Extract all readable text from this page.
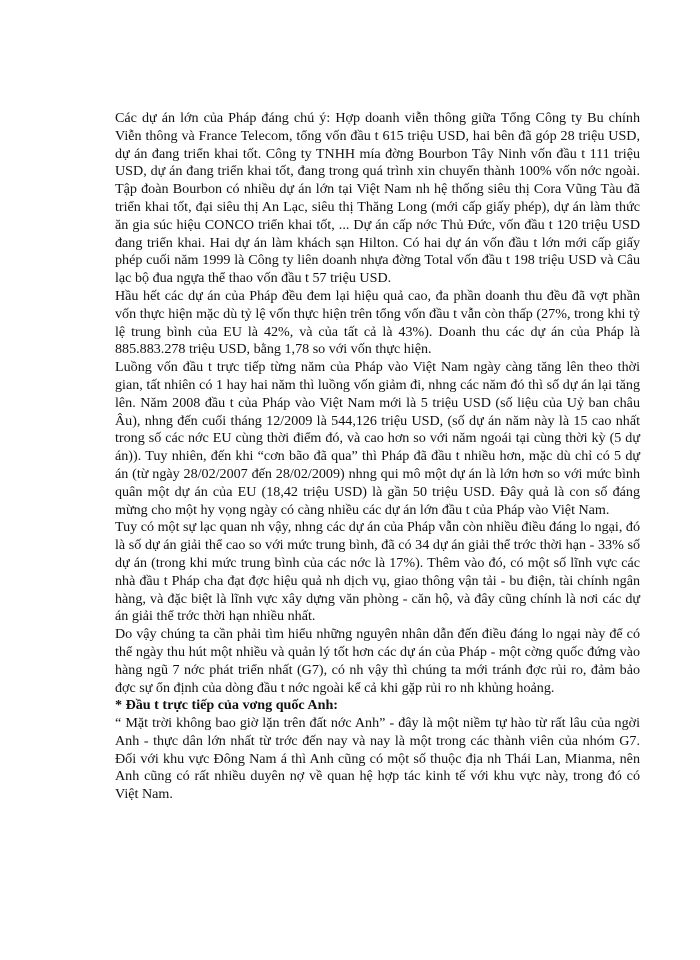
Các dự án lớn của Pháp đáng chú ý: Hợp doanh viễn thông giữa Tổng Công ty Bu chính Viễn thông và France Telecom, tổng vốn đầu t 615 triệu USD, hai bên đã góp 28 triệu USD, dự án đang triển khai tốt. Công ty TNHH mía đờng Bourbon Tây Ninh vốn đầu t 111 triệu USD, dự án đang triển khai tốt, đang trong quá trình xin chuyển thành 100% vốn nớc ngoài. Tập đoàn Bourbon có nhiều dự án lớn tại Việt Nam nh hệ thống siêu thị Cora Vũng Tàu đã triển khai tốt, đại siêu thị An Lạc, siêu thị Thăng Long (mới cấp giấy phép), dự án làm thức ăn gia súc hiệu CONCO triển khai tốt, ... Dự án cấp nớc Thủ Đức, vốn đầu t 120 triệu USD đang triển khai. Hai dự án làm khách sạn Hilton. Có hai dự án vốn đầu t lớn mới cấp giấy phép cuối năm 1999 là Công ty liên doanh nhựa đờng Total vốn đầu t 198 triệu USD và Câu lạc bộ đua ngựa thể thao vốn đầu t 57 triệu USD.

Hầu hết các dự án của Pháp đều đem lại hiệu quả cao, đa phần doanh thu đều đã vợt phần vốn thực hiện mặc dù tỷ lệ vốn thực hiện trên tổng vốn đầu t vẫn còn thấp (27%, trong khi tỷ lệ trung bình của EU là 42%, và của tất cả là 43%). Doanh thu các dự án của Pháp là 885.883.278 triệu USD, bằng 1,78 so với vốn thực hiện.

Luồng vốn đầu t trực tiếp từng năm của Pháp vào Việt Nam ngày càng tăng lên theo thời gian, tất nhiên có 1 hay hai năm thì luồng vốn giảm đi, nhng các năm đó thì số dự án lại tăng lên. Năm 2008 đầu t của Pháp vào Việt Nam mới là 5 triệu USD (số liệu của Uỷ ban châu Âu), nhng đến cuối tháng 12/2009 là 544,126 triệu USD, (số dự án năm này là 15 cao nhất trong số các nớc EU cùng thời điểm đó, và cao hơn so với năm ngoái tại cùng thời kỳ (5 dự án)). Tuy nhiên, đến khi “cơn bão đã qua” thì Pháp đã đầu t nhiều hơn, mặc dù chỉ có 5 dự án (từ ngày 28/02/2007 đến 28/02/2009) nhng qui mô một dự án là lớn hơn so với mức bình quân một dự án của EU (18,42 triệu USD) là gần 50 triệu USD. Đây quả là con số đáng mừng cho một hy vọng ngày có càng nhiều các dự án lớn đầu t của Pháp vào Việt Nam.

Tuy có một sự lạc quan nh vậy, nhng các dự án của Pháp vẫn còn nhiều điều đáng lo ngại, đó là số dự án giải thể cao so với mức trung bình, đã có 34 dự án giải thể trớc thời hạn - 33% số dự án (trong khi mức trung bình của các nớc là 17%). Thêm vào đó, có một số lĩnh vực các nhà đầu t Pháp cha đạt đợc hiệu quả nh dịch vụ, giao thông vận tải - bu điện, tài chính ngân hàng, và đặc biệt là lĩnh vực xây dựng văn phòng - căn hộ, và đây cũng chính là nơi các dự án giải thể trớc thời hạn nhiều nhất.

Do vậy chúng ta cần phải tìm hiểu những nguyên nhân dẫn đến điều đáng lo ngại này để có thể ngày thu hút một nhiều và quản lý tốt hơn các dự án của Pháp - một cờng quốc đứng vào hàng ngũ 7 nớc phát triển nhất (G7), có nh vậy thì chúng ta mới tránh đợc rủi ro, đảm bảo đợc sự ổn định của dòng đầu t nớc ngoài kể cả khi gặp rủi ro nh khủng hoảng.

* Đầu t trực tiếp của vơng quốc Anh:

“ Mặt trời không bao giờ lặn trên đất nớc Anh” - đây là một niềm tự hào từ rất lâu của ngời Anh - thực dân lớn nhất từ trớc đến nay và nay là một trong các thành viên của nhóm G7. Đối với khu vực Đông Nam á thì Anh cũng có một số thuộc địa nh Thái Lan, Mianma, nên Anh cũng có rất nhiều duyên nợ về quan hệ hợp tác kinh tế với khu vực này, trong đó có Việt Nam.
